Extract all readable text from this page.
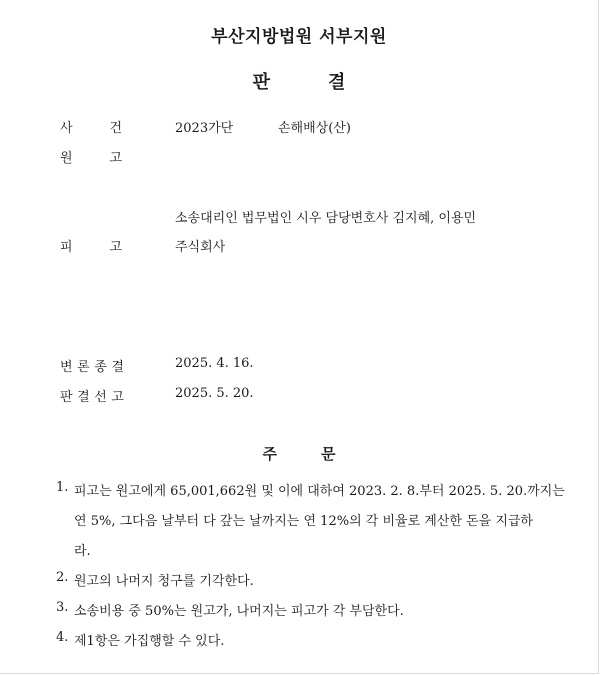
부산지방법원 서부지원
판	결
사	건	2023가단	손해배상(산)
원	고
소송대리인 법무법인 시우 담당변호사 김지혜, 이용민
피	고	주식회사
변 론 종 결	2025. 4. 16.
판 결 선 고	2025. 5. 20.
주	문
1. 피고는 원고에게 65,001,662원 및 이에 대하여 2023. 2. 8.부터 2025. 5. 20.까지는
연 5%, 그다음 날부터 다 갚는 날까지는 연 12%의 각 비율로 계산한 돈을 지급하
라.
2. 원고의 나머지 청구를 기각한다.
3. 소송비용 중 50%는 원고가, 나머지는 피고가 각 부담한다.
4. 제1항은 가집행할 수 있다.
